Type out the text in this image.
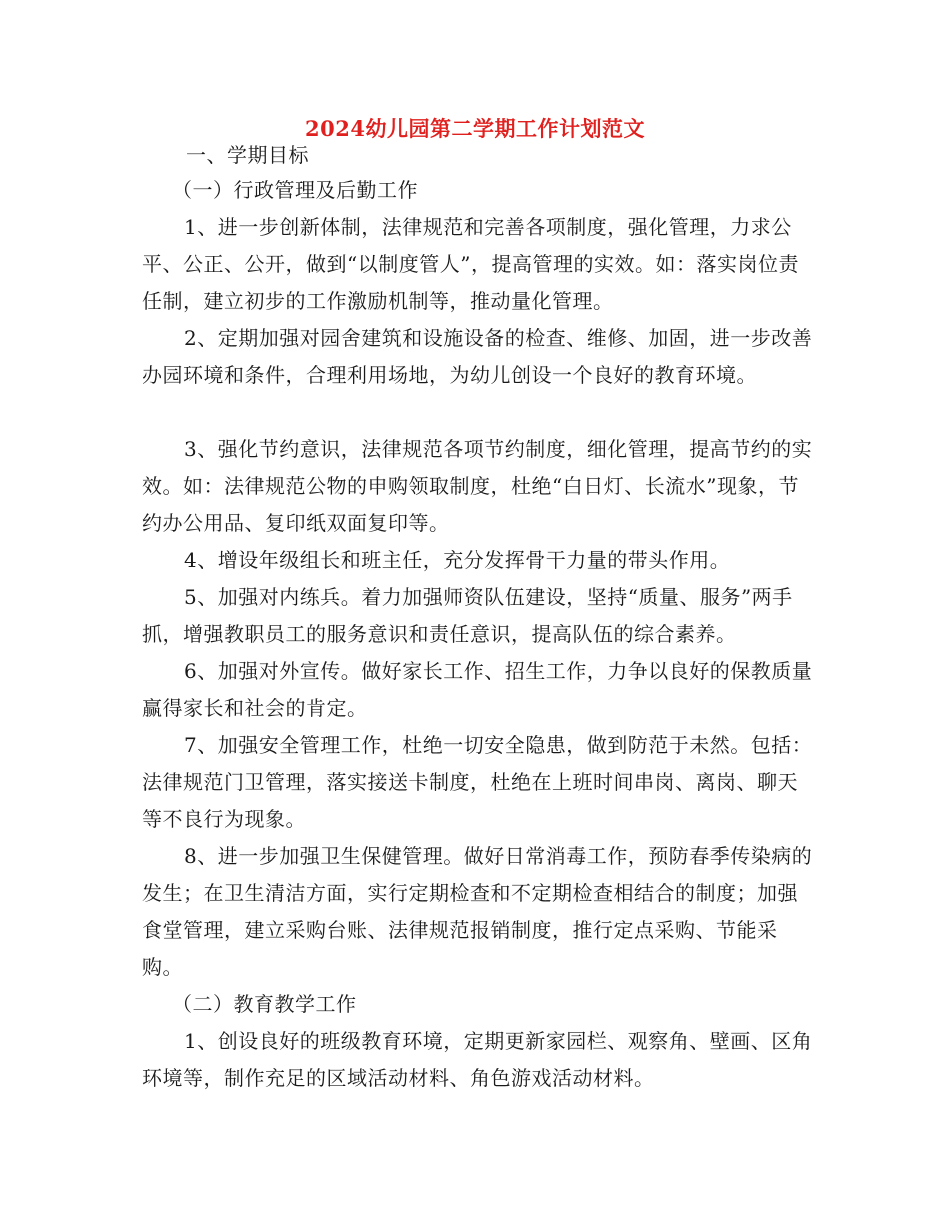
2024幼儿园第二学期工作计划范文
一、学期目标
（一）行政管理及后勤工作
1、进一步创新体制，法律规范和完善各项制度，强化管理，力求公平、公正、公开，做到“以制度管人”，提高管理的实效。如：落实岗位责任制，建立初步的工作激励机制等，推动量化管理。
2、定期加强对园舍建筑和设施设备的检查、维修、加固，进一步改善办园环境和条件，合理利用场地，为幼儿创设一个良好的教育环境。
3、强化节约意识，法律规范各项节约制度，细化管理，提高节约的实效。如：法律规范公物的申购领取制度，杜绝“白日灯、长流水”现象，节约办公用品、复印纸双面复印等。
4、增设年级组长和班主任，充分发挥骨干力量的带头作用。
5、加强对内练兵。着力加强师资队伍建设，坚持“质量、服务”两手抓，增强教职员工的服务意识和责任意识，提高队伍的综合素养。
6、加强对外宣传。做好家长工作、招生工作，力争以良好的保教质量赢得家长和社会的肯定。
7、加强安全管理工作，杜绝一切安全隐患，做到防范于未然。包括：法律规范门卫管理，落实接送卡制度，杜绝在上班时间串岗、离岗、聊天等不良行为现象。
8、进一步加强卫生保健管理。做好日常消毒工作，预防春季传染病的发生；在卫生清洁方面，实行定期检查和不定期检查相结合的制度；加强食堂管理，建立采购台账、法律规范报销制度，推行定点采购、节能采购。
（二）教育教学工作
1、创设良好的班级教育环境，定期更新家园栏、观察角、壁画、区角环境等，制作充足的区域活动材料、角色游戏活动材料。
